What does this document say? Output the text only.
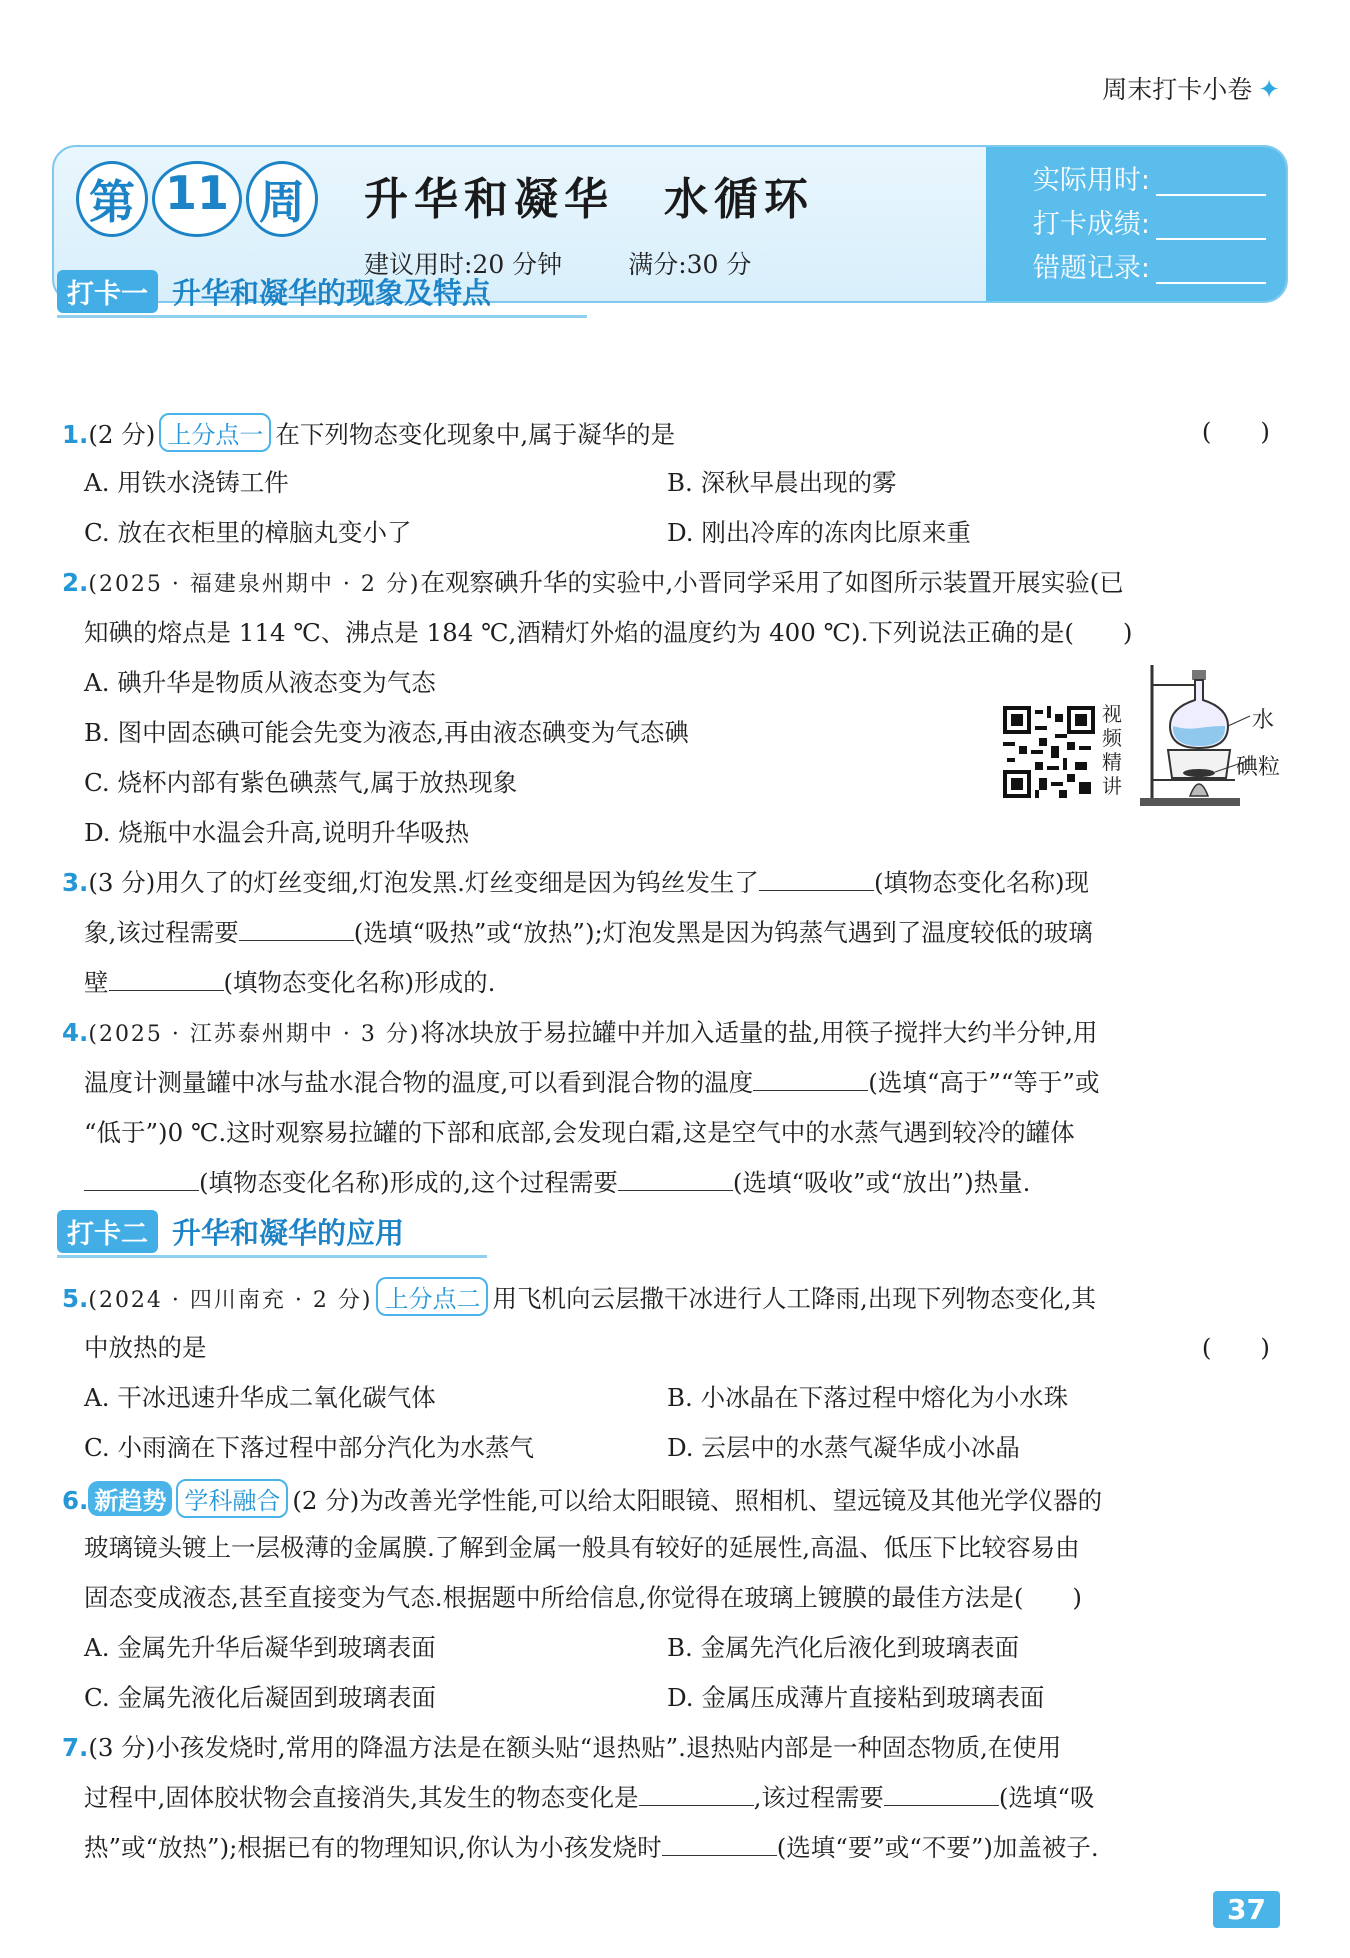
周末打卡小卷 ✦
第 11 周 升华和凝华　水循环
建议用时:20 分钟	满分:30 分
实际用时:
打卡成绩:
错题记录:
打卡一 升华和凝华的现象及特点
1.(2 分) 上分点一 在下列物态变化现象中,属于凝华的是	(　　)
A. 用铁水浇铸工件	B. 深秋早晨出现的雾
C. 放在衣柜里的樟脑丸变小了	D. 刚出冷库的冻肉比原来重
2.(2025 · 福建泉州期中 · 2 分)在观察碘升华的实验中,小晋同学采用了如图所示装置开展实验(已
知碘的熔点是 114 ℃、沸点是 184 ℃,酒精灯外焰的温度约为 400 ℃).下列说法正确的是(　　)
A. 碘升华是物质从液态变为气态
B. 图中固态碘可能会先变为液态,再由液态碘变为气态碘
C. 烧杯内部有紫色碘蒸气,属于放热现象
D. 烧瓶中水温会升高,说明升华吸热
视频精讲
水
碘粒
3.(3 分)用久了的灯丝变细,灯泡发黑.灯丝变细是因为钨丝发生了	(填物态变化名称)现
象,该过程需要	(选填“吸热”或“放热”);灯泡发黑是因为钨蒸气遇到了温度较低的玻璃
壁	(填物态变化名称)形成的.
4.(2025 · 江苏泰州期中 · 3 分)将冰块放于易拉罐中并加入适量的盐,用筷子搅拌大约半分钟,用
温度计测量罐中冰与盐水混合物的温度,可以看到混合物的温度	(选填“高于”“等于”或
“低于”)0 ℃.这时观察易拉罐的下部和底部,会发现白霜,这是空气中的水蒸气遇到较冷的罐体
(填物态变化名称)形成的,这个过程需要	(选填“吸收”或“放出”)热量.
打卡二 升华和凝华的应用
5.(2024 · 四川南充 · 2 分) 上分点二 用飞机向云层撒干冰进行人工降雨,出现下列物态变化,其
中放热的是	(　　)
A. 干冰迅速升华成二氧化碳气体	B. 小冰晶在下落过程中熔化为小水珠
C. 小雨滴在下落过程中部分汽化为水蒸气	D. 云层中的水蒸气凝华成小冰晶
6. 新趋势 学科融合 (2 分)为改善光学性能,可以给太阳眼镜、照相机、望远镜及其他光学仪器的
玻璃镜头镀上一层极薄的金属膜.了解到金属一般具有较好的延展性,高温、低压下比较容易由
固态变成液态,甚至直接变为气态.根据题中所给信息,你觉得在玻璃上镀膜的最佳方法是(　　)
A. 金属先升华后凝华到玻璃表面	B. 金属先汽化后液化到玻璃表面
C. 金属先液化后凝固到玻璃表面	D. 金属压成薄片直接粘到玻璃表面
7.(3 分)小孩发烧时,常用的降温方法是在额头贴“退热贴”.退热贴内部是一种固态物质,在使用
过程中,固体胶状物会直接消失,其发生的物态变化是	,该过程需要	(选填“吸
热”或“放热”);根据已有的物理知识,你认为小孩发烧时	(选填“要”或“不要”)加盖被子.
37
